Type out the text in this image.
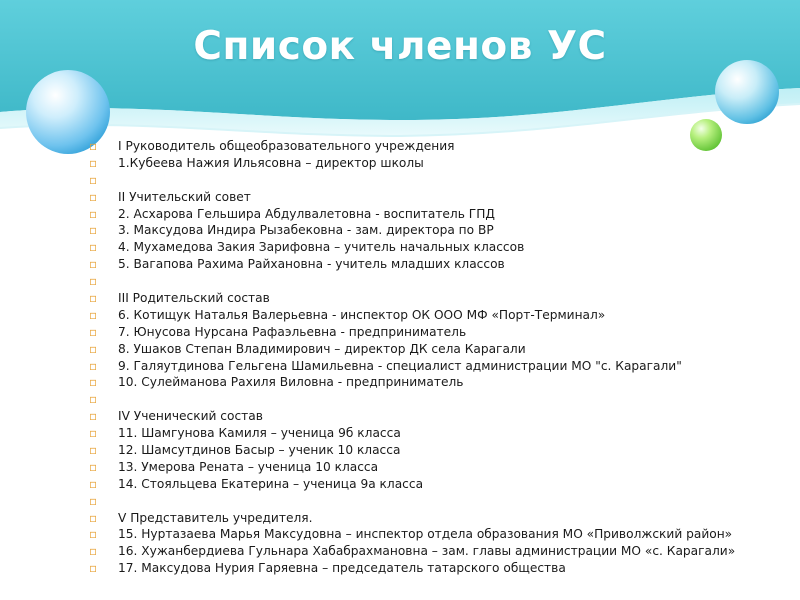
Список членов УС
▫ I Руководитель общеобразовательного учреждения
▫ 1.Кубеева Нажия Ильясовна – директор школы
▫
▫ II Учительский совет
▫ 2. Асхарова Гельшира Абдулвалетовна - воспитатель ГПД
▫ 3. Максудова Индира Рызабековна - зам. директора по ВР
▫ 4. Мухамедова Закия Зарифовна – учитель начальных классов
▫ 5. Вагапова Рахима Райхановна - учитель младших классов
▫
▫ III Родительский состав
▫ 6. Котищук Наталья Валерьевна - инспектор ОК ООО МФ «Порт-Терминал»
▫ 7. Юнусова Нурсана Рафаэльевна - предприниматель
▫ 8. Ушаков Степан Владимирович – директор ДК села Карагали
▫ 9. Галяутдинова Гельгена Шамильевна - специалист администрации МО "с. Карагали"
▫ 10. Сулейманова Рахиля Виловна - предприниматель
▫
▫ IV Ученический состав
▫ 11. Шамгунова Камиля – ученица 9б класса
▫ 12. Шамсутдинов Басыр – ученик 10 класса
▫ 13. Умерова Рената – ученица 10 класса
▫ 14. Стояльцева Екатерина – ученица 9а класса
▫
▫ V Представитель учредителя.
▫ 15. Нуртазаева Марья Максудовна – инспектор отдела образования МО «Приволжский район»
▫ 16. Хужанбердиева Гульнара Хабабрахмановна – зам. главы администрации МО «с. Карагали»
▫ 17. Максудова Нурия Гаряевна – председатель татарского общества
